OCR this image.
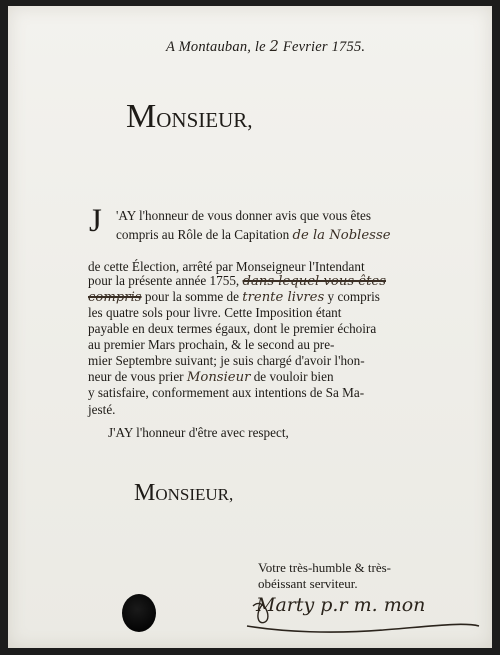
A Montauban, le 2 Fevrier 1755.
MONSIEUR,
J 'AY l'honneur de vous donner avis que vous êtes
compris au Rôle de la Capitation de la Noblesse
de cette Élection, arrêté par Monseigneur l'Intendant
pour la présente année 1755, dans lequel vous êtes
compris pour la somme de trente livres y compris
les quatre sols pour livre. Cette Imposition étant
payable en deux termes égaux, dont le premier échoira
au premier Mars prochain, & le second au pre-
mier Septembre suivant; je suis chargé d'avoir l'hon-
neur de vous prier Monsieur de vouloir bien
y satisfaire, conformement aux intentions de Sa Ma-
jesté.
J'AY l'honneur d'être avec respect,
MONSIEUR,
Votre très-humble & très-
obéissant serviteur.
Marty p.r m. mon
